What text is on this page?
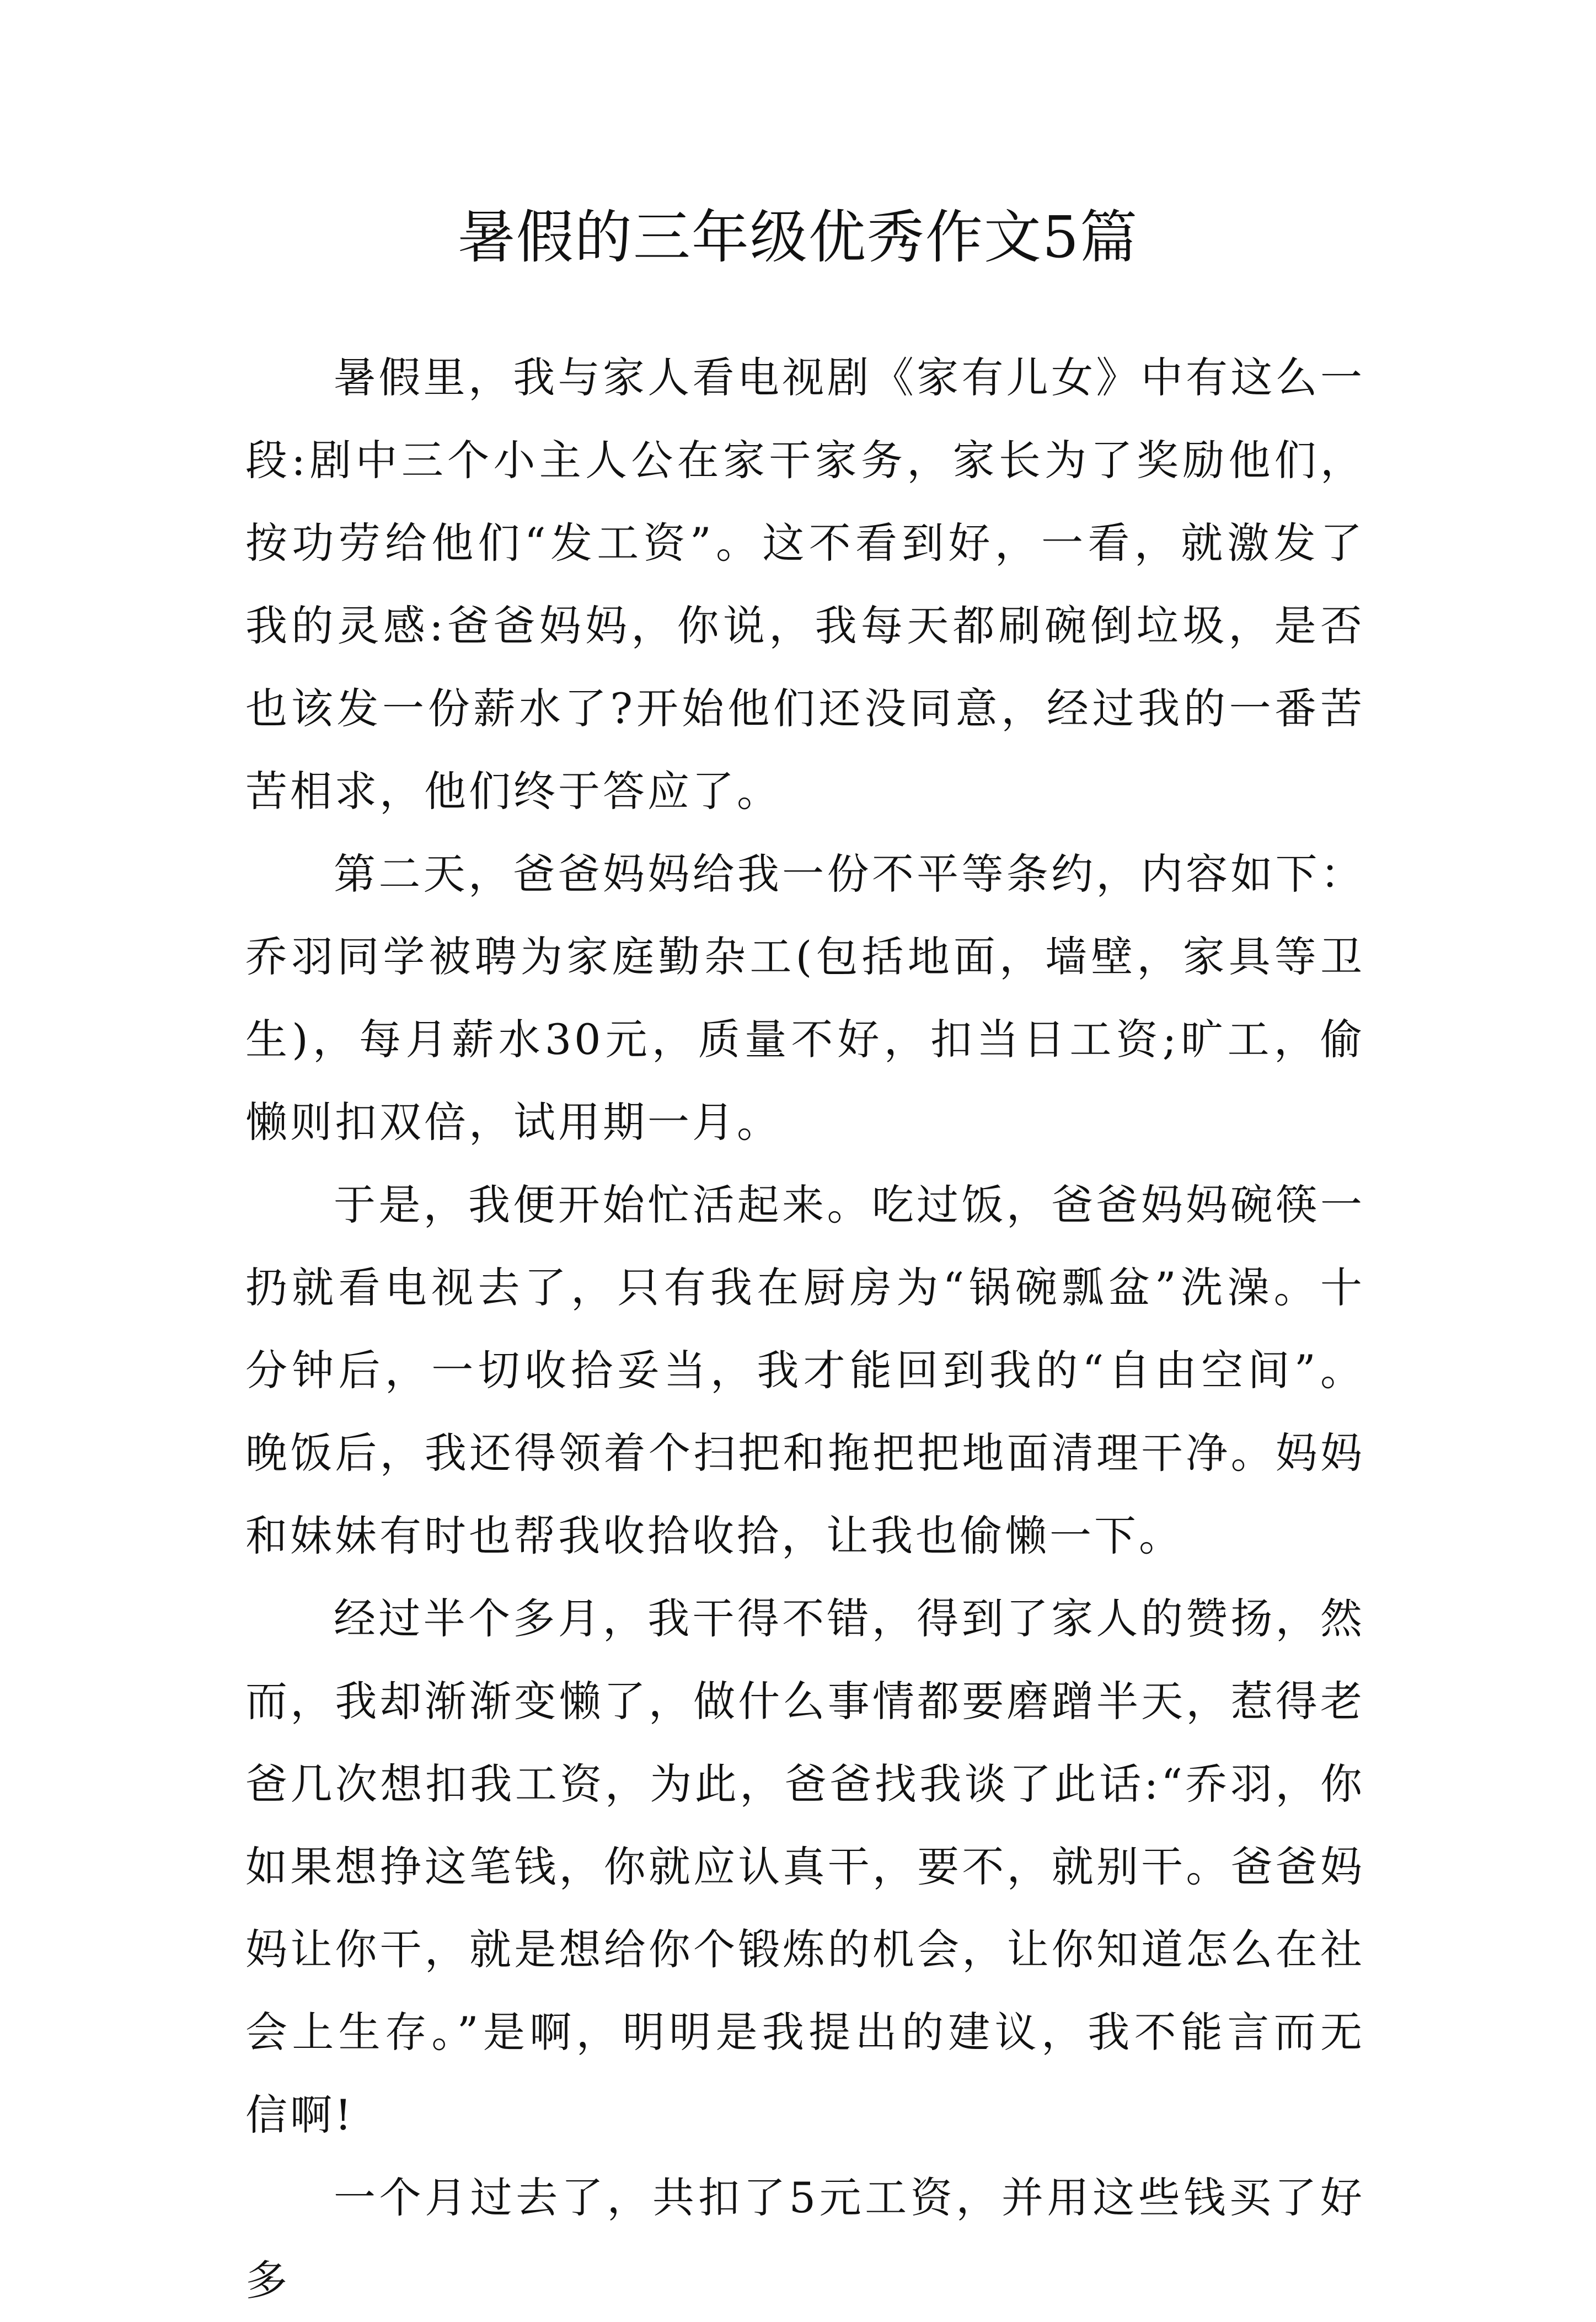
暑假的三年级优秀作文5篇

暑假里，我与家人看电视剧《家有儿女》中有这么一段:剧中三个小主人公在家干家务，家长为了奖励他们，按功劳给他们“发工资”。这不看到好，一看，就激发了我的灵感:爸爸妈妈，你说，我每天都刷碗倒垃圾，是否也该发一份薪水了?开始他们还没同意，经过我的一番苦苦相求，他们终于答应了。

第二天，爸爸妈妈给我一份不平等条约，内容如下：乔羽同学被聘为家庭勤杂工(包括地面，墙壁，家具等卫生)，每月薪水30元，质量不好，扣当日工资;旷工，偷懒则扣双倍，试用期一月。

于是，我便开始忙活起来。吃过饭，爸爸妈妈碗筷一扔就看电视去了，只有我在厨房为“锅碗瓢盆”洗澡。十分钟后，一切收拾妥当，我才能回到我的“自由空间”。晚饭后，我还得领着个扫把和拖把把地面清理干净。妈妈和妹妹有时也帮我收拾收拾，让我也偷懒一下。

经过半个多月，我干得不错，得到了家人的赞扬，然而，我却渐渐变懒了，做什么事情都要磨蹭半天，惹得老爸几次想扣我工资，为此，爸爸找我谈了此话:“乔羽，你如果想挣这笔钱，你就应认真干，要不，就别干。爸爸妈妈让你干，就是想给你个锻炼的机会，让你知道怎么在社会上生存。”是啊，明明是我提出的建议，我不能言而无信啊!

一个月过去了，共扣了5元工资，并用这些钱买了好多
